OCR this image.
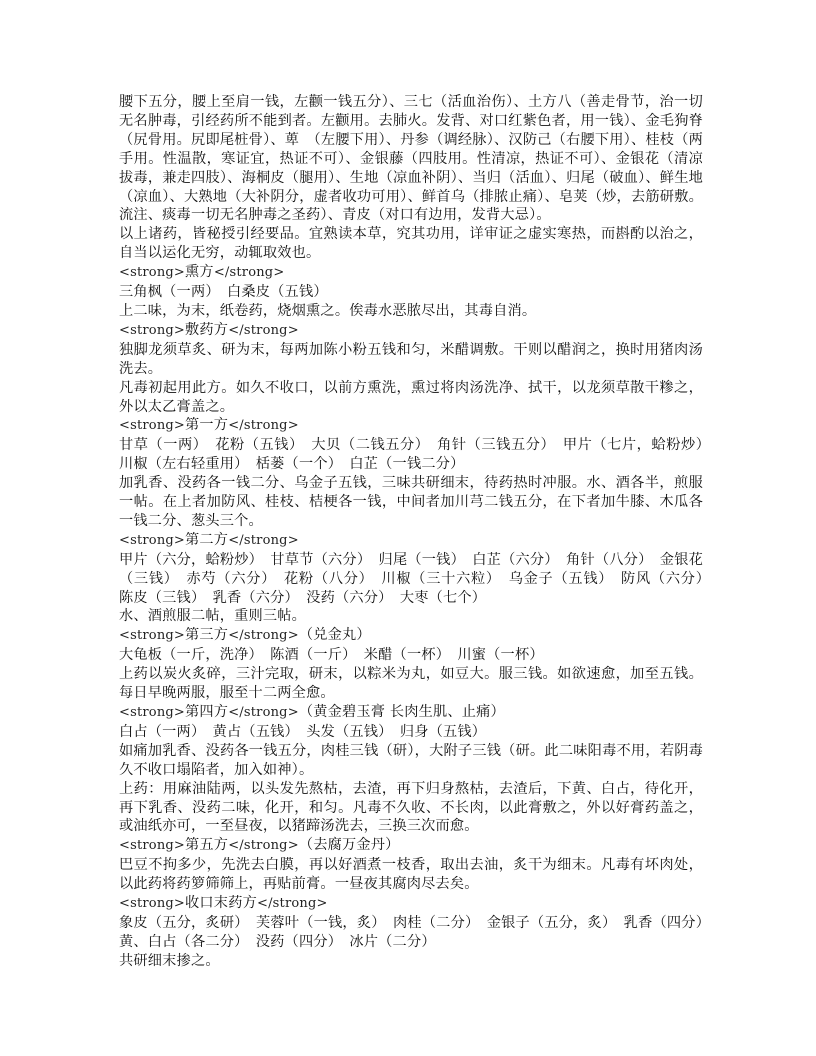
腰下五分，腰上至肩一钱，左颧一钱五分）、三七（活血治伤）、土方八（善走骨节，治一切无名肿毒，引经药所不能到者。左颧用。去肺火。发背、对口红紫色者，用一钱）、金毛狗脊（尻骨用。尻即尾桩骨）、萆　（左腰下用）、丹参（调经脉）、汉防己（右腰下用）、桂枝（两手用。性温散，寒证宜，热证不可）、金银藤（四肢用。性清凉，热证不可）、金银花（清凉拔毒，兼走四肢）、海桐皮（腿用）、生地（凉血补阴）、当归（活血）、归尾（破血）、鲜生地（凉血）、大熟地（大补阴分，虚者收功可用）、鲜首乌（排脓止痛）、皂荚（炒，去筋研敷。流注、痰毒一切无名肿毒之圣药）、青皮（对口有边用，发背大忌）。

以上诸药，皆秘授引经要品。宜熟读本草，究其功用，详审证之虚实寒热，而斟酌以治之，自当以运化无穷，动辄取效也。

<strong>熏方</strong>

三角枫（一两）　白桑皮（五钱）

上二味，为末，纸卷药，烧烟熏之。俟毒水恶脓尽出，其毒自消。

<strong>敷药方</strong>

独脚龙须草炙、研为末，每两加陈小粉五钱和匀，米醋调敷。干则以醋润之，换时用猪肉汤洗去。

凡毒初起用此方。如久不收口，以前方熏洗，熏过将肉汤洗净、拭干，以龙须草散干糁之，外以太乙膏盖之。

<strong>第一方</strong>

甘草（一两）　花粉（五钱）　大贝（二钱五分）　角针（三钱五分）　甲片（七片，蛤粉炒）　川椒（左右轻重用）　栝蒌（一个）　白芷（一钱二分）

加乳香、没药各一钱二分、乌金子五钱，三味共研细末，待药热时冲服。水、酒各半，煎服一帖。在上者加防风、桂枝、桔梗各一钱，中间者加川芎二钱五分，在下者加牛膝、木瓜各一钱二分、葱头三个。

<strong>第二方</strong>

甲片（六分，蛤粉炒）　甘草节（六分）　归尾（一钱）　白芷（六分）　角针（八分）　金银花（三钱）　赤芍（六分）　花粉（八分）　川椒（三十六粒）　乌金子（五钱）　防风（六分）　陈皮（三钱）　乳香（六分）　没药（六分）　大枣（七个）

水、酒煎服二帖，重则三帖。

<strong>第三方</strong>（兑金丸）

大龟板（一斤，洗净）　陈酒（一斤）　米醋（一杯）　川蜜（一杯）

上药以炭火炙碎，三汁完取，研末，以粽米为丸，如豆大。服三钱。如欲速愈，加至五钱。每日早晚两服，服至十二两全愈。

<strong>第四方</strong>（黄金碧玉膏 长肉生肌、止痛）

白占（一两）　黄占（五钱）　头发（五钱）　归身（五钱）

如痛加乳香、没药各一钱五分，肉桂三钱（研），大附子三钱（研。此二味阳毒不用，若阴毒久不收口塌陷者，加入如神）。

上药：用麻油陆两，以头发先熬枯，去渣，再下归身熬枯，去渣后，下黄、白占，待化开，再下乳香、没药二味，化开，和匀。凡毒不久收、不长肉，以此膏敷之，外以好膏药盖之，或油纸亦可，一至昼夜，以猪蹄汤洗去，三换三次而愈。

<strong>第五方</strong>（去腐万金丹）

巴豆不拘多少，先洗去白膜，再以好酒煮一枝香，取出去油，炙干为细末。凡毒有坏肉处，以此药将药箩筛筛上，再贴前膏。一昼夜其腐肉尽去矣。

<strong>收口末药方</strong>

象皮（五分，炙研）　芙蓉叶（一钱，炙）　肉桂（二分）　金银子（五分，炙）　乳香（四分）　黄、白占（各二分）　没药（四分）　冰片（二分）

共研细末掺之。
